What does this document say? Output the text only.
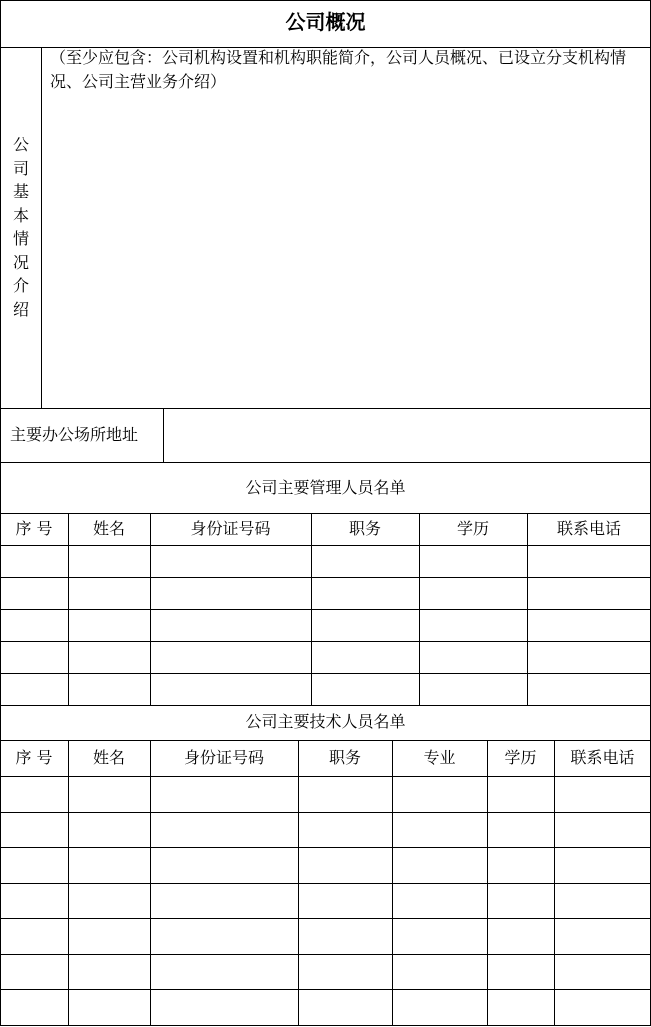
公司概况
公司基本情况介绍
（至少应包含：公司机构设置和机构职能简介，公司人员概况、已设立分支机构情况、公司主营业务介绍）
主要办公场所地址
公司主要管理人员名单
序 号	姓名	身份证号码	职务	学历	联系电话
公司主要技术人员名单
序 号	姓名	身份证号码	职务	专业	学历	联系电话
